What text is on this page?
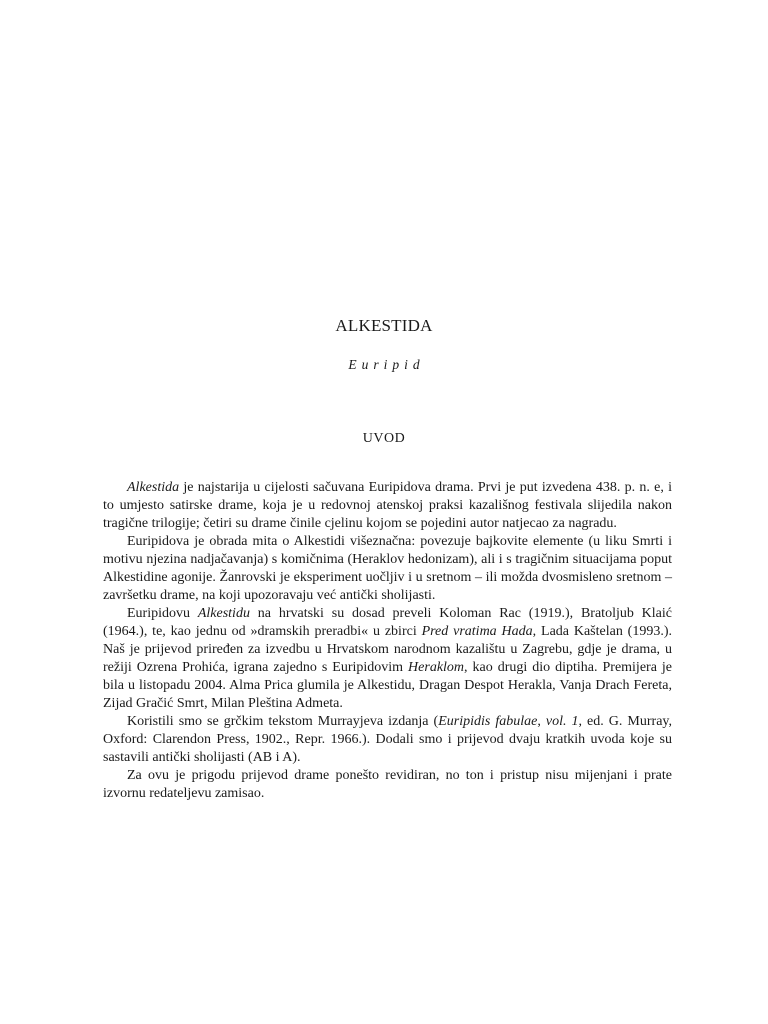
ALKESTIDA
Euripid
UVOD

Alkestida je najstarija u cijelosti sačuvana Euripidova drama. Prvi je put izvedena 438. p. n. e, i to umjesto satirske drame, koja je u redovnoj atenskoj praksi kazališnog festivala slijedila nakon tragične trilogije; četiri su drame činile cjelinu kojom se pojedini autor natjecao za nagradu.

Euripidova je obrada mita o Alkestidi višeznačna: povezuje bajkovite elemente (u liku Smrti i motivu njezina nadjačavanja) s komičnima (Heraklov hedonizam), ali i s tragičnim situacijama poput Alkestidine agonije. Žanrovski je eksperiment uočljiv i u sretnom – ili možda dvosmisleno sretnom – završetku drame, na koji upozoravaju već antički sholijasti.

Euripidovu Alkestidu na hrvatski su dosad preveli Koloman Rac (1919.), Bratoljub Klaić (1964.), te, kao jednu od »dramskih preradbi« u zbirci Pred vratima Hada, Lada Kaštelan (1993.). Naš je prijevod priređen za izvedbu u Hrvatskom narodnom kazalištu u Zagrebu, gdje je drama, u režiji Ozrena Prohića, igrana zajedno s Euripidovim Heraklom, kao drugi dio diptiha. Premijera je bila u listopadu 2004. Alma Prica glumila je Alkestidu, Dragan Despot Herakla, Vanja Drach Fereta, Zijad Gračić Smrt, Milan Pleština Admeta.

Koristili smo se grčkim tekstom Murrayjeva izdanja (Euripidis fabulae, vol. 1, ed. G. Murray, Oxford: Clarendon Press, 1902., Repr. 1966.). Dodali smo i prijevod dvaju kratkih uvoda koje su sastavili antički sholijasti (AB i A).

Za ovu je prigodu prijevod drame ponešto revidiran, no ton i pristup nisu mijenjani i prate izvornu redateljevu zamisao.
